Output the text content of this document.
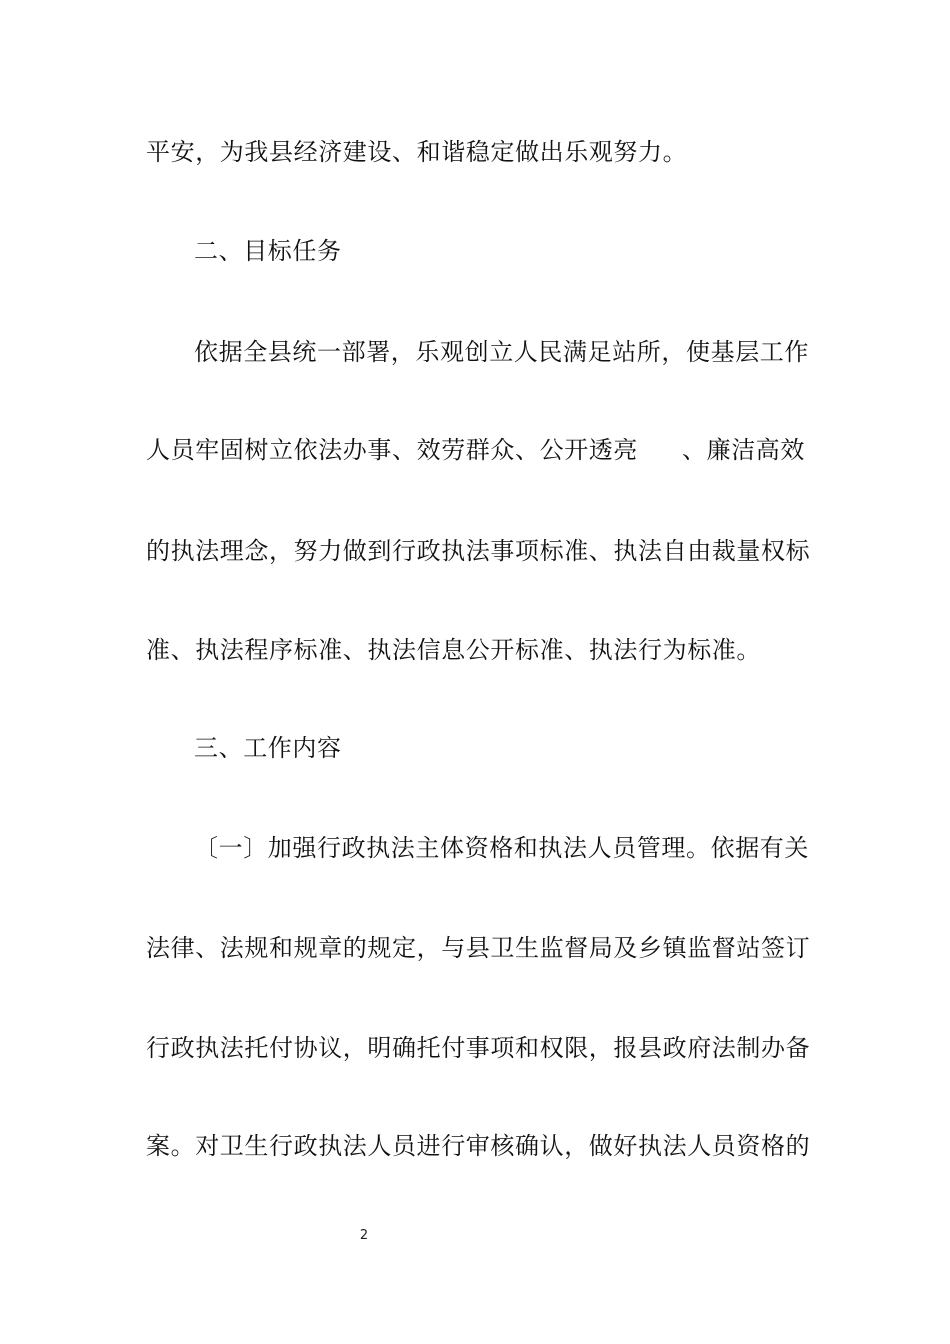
平安，为我县经济建设、和谐稳定做出乐观努力。
二、目标任务
依据全县统一部署，乐观创立人民满足站所，使基层工作
人员牢固树立依法办事、效劳群众、公开透亮 、廉洁高效
的执法理念，努力做到行政执法事项标准、执法自由裁量权标
准、执法程序标准、执法信息公开标准、执法行为标准。
三、工作内容
〔一〕加强行政执法主体资格和执法人员管理。依据有关
法律、法规和规章的规定，与县卫生监督局及乡镇监督站签订
行政执法托付协议，明确托付事项和权限，报县政府法制办备
案。对卫生行政执法人员进行审核确认，做好执法人员资格的
2
